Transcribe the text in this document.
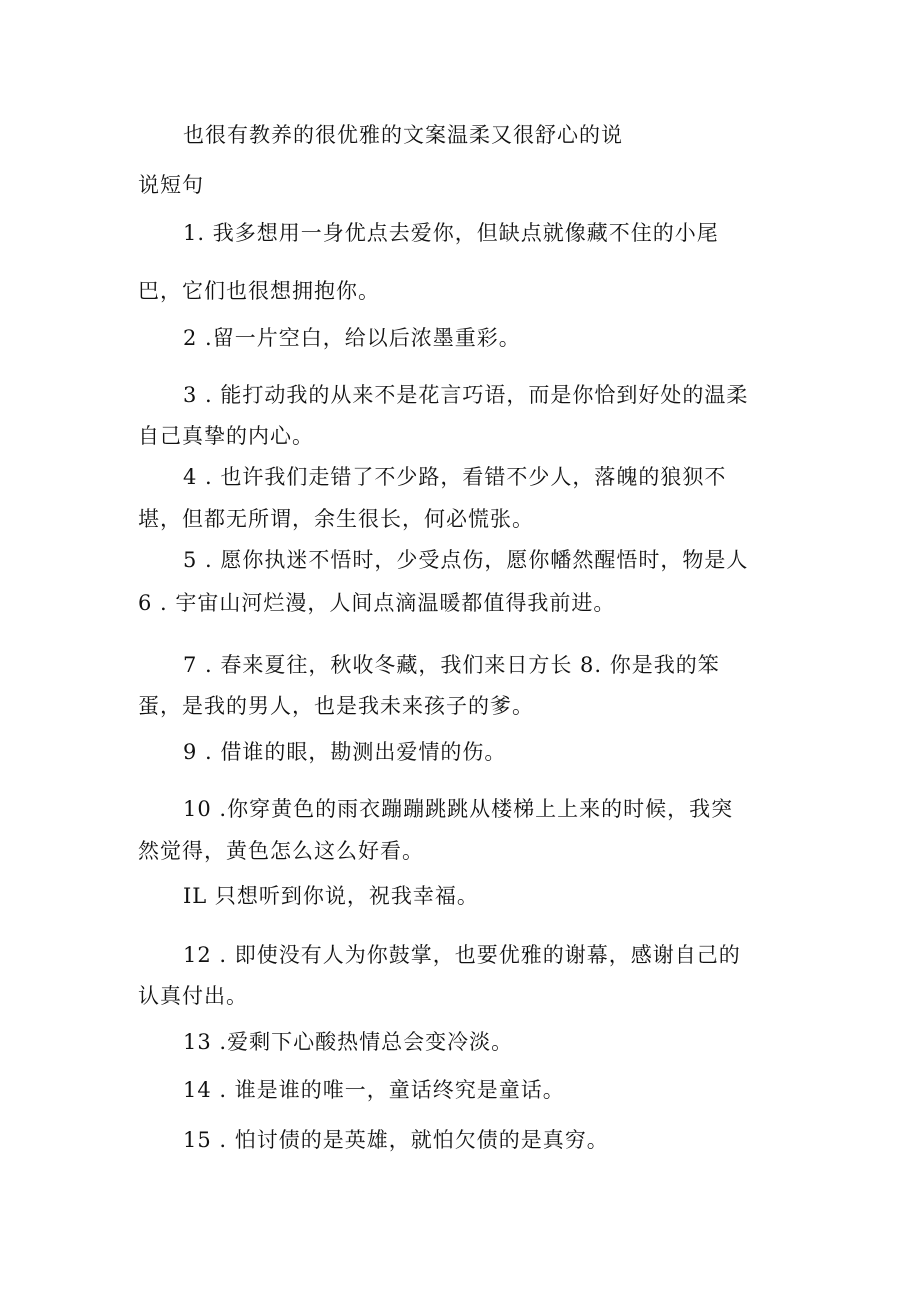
也很有教养的很优雅的文案温柔又很舒心的说
说短句
1. 我多想用一身优点去爱你，但缺点就像藏不住的小尾
巴，它们也很想拥抱你。
2 .留一片空白，给以后浓墨重彩。
3 . 能打动我的从来不是花言巧语，而是你恰到好处的温柔
自己真挚的内心。
4 . 也许我们走错了不少路，看错不少人，落魄的狼狈不
堪，但都无所谓，余生很长，何必慌张。
5 . 愿你执迷不悟时，少受点伤，愿你幡然醒悟时，物是人
6 . 宇宙山河烂漫，人间点滴温暖都值得我前进。
7 . 春来夏往，秋收冬藏，我们来日方长 8. 你是我的笨
蛋，是我的男人，也是我未来孩子的爹。
9 . 借谁的眼，勘测出爱情的伤。
10 .你穿黄色的雨衣蹦蹦跳跳从楼梯上上来的时候，我突
然觉得，黄色怎么这么好看。
IL 只想听到你说，祝我幸福。
12 . 即使没有人为你鼓掌，也要优雅的谢幕，感谢自己的
认真付出。
13 .爱剩下心酸热情总会变冷淡。
14 . 谁是谁的唯一，童话终究是童话。
15 . 怕讨债的是英雄，就怕欠债的是真穷。
